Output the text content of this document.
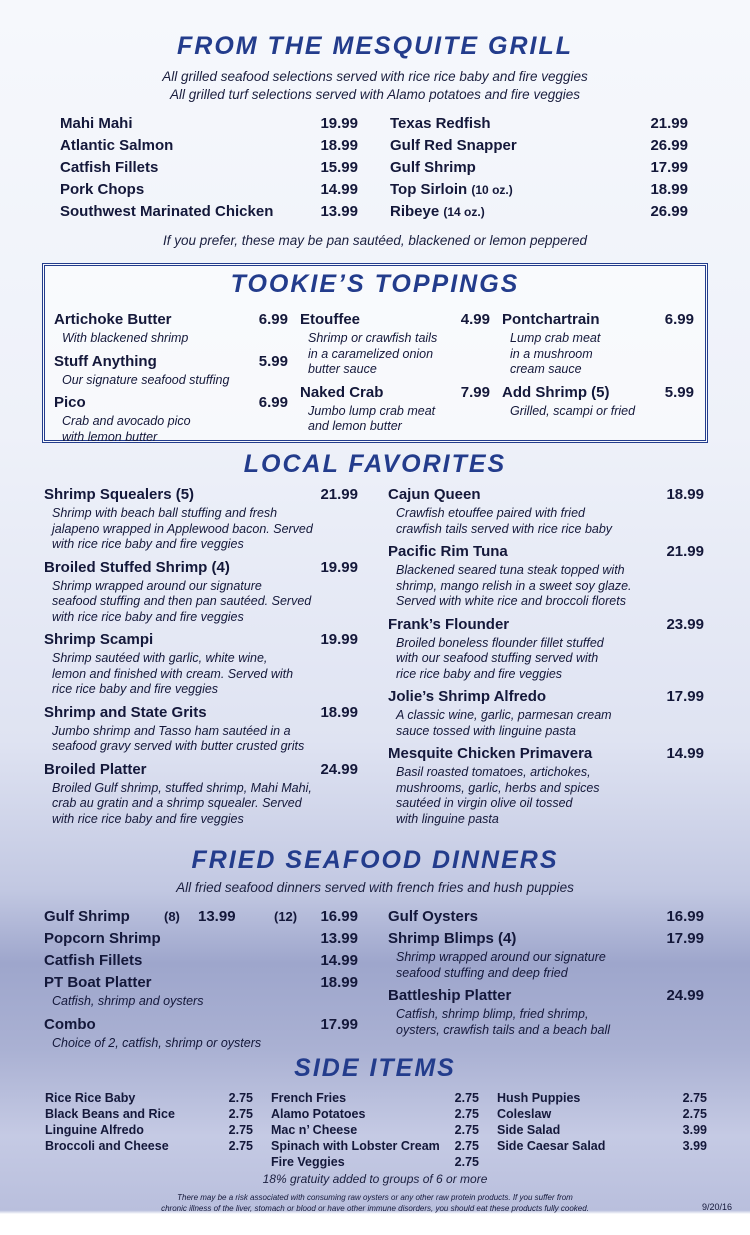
FROM THE MESQUITE GRILL
All grilled seafood selections served with rice rice baby and fire veggies
All grilled turf selections served with Alamo potatoes and fire veggies
Mahi Mahi	19.99
Atlantic Salmon	18.99
Catfish Fillets	15.99
Pork Chops	14.99
Southwest Marinated Chicken	13.99
Texas Redfish	21.99
Gulf Red Snapper	26.99
Gulf Shrimp	17.99
Top Sirloin (10 oz.)	18.99
Ribeye (14 oz.)	26.99
If you prefer, these may be pan sautéed, blackened or lemon peppered
TOOKIE’S TOPPINGS
Artichoke Butter	6.99
With blackened shrimp
Stuff Anything	5.99
Our signature seafood stuffing
Pico	6.99
Crab and avocado pico
with lemon butter
Etouffee	4.99
Shrimp or crawfish tails
in a caramelized onion
butter sauce
Naked Crab	7.99
Jumbo lump crab meat
and lemon butter
Pontchartrain	6.99
Lump crab meat
in a mushroom
cream sauce
Add Shrimp (5)	5.99
Grilled, scampi or fried
LOCAL FAVORITES
Shrimp Squealers (5)	21.99
Shrimp with beach ball stuffing and fresh
jalapeno wrapped in Applewood bacon. Served
with rice rice baby and fire veggies
Broiled Stuffed Shrimp (4)	19.99
Shrimp wrapped around our signature
seafood stuffing and then pan sautéed. Served
with rice rice baby and fire veggies
Shrimp Scampi	19.99
Shrimp sautéed with garlic, white wine,
lemon and finished with cream. Served with
rice rice baby and fire veggies
Shrimp and State Grits	18.99
Jumbo shrimp and Tasso ham sautéed in a
seafood gravy served with butter crusted grits
Broiled Platter	24.99
Broiled Gulf shrimp, stuffed shrimp, Mahi Mahi,
crab au gratin and a shrimp squealer. Served
with rice rice baby and fire veggies
Cajun Queen	18.99
Crawfish etouffee paired with fried
crawfish tails served with rice rice baby
Pacific Rim Tuna	21.99
Blackened seared tuna steak topped with
shrimp, mango relish in a sweet soy glaze.
Served with white rice and broccoli florets
Frank’s Flounder	23.99
Broiled boneless flounder fillet stuffed
with our seafood stuffing served with
rice rice baby and fire veggies
Jolie’s Shrimp Alfredo	17.99
A classic wine, garlic, parmesan cream
sauce tossed with linguine pasta
Mesquite Chicken Primavera	14.99
Basil roasted tomatoes, artichokes,
mushrooms, garlic, herbs and spices
sautéed in virgin olive oil tossed
with linguine pasta
FRIED SEAFOOD DINNERS
All fried seafood dinners served with french fries and hush puppies
Gulf Shrimp	(8)	13.99	(12)	16.99
Popcorn Shrimp	13.99
Catfish Fillets	14.99
PT Boat Platter	18.99
Catfish, shrimp and oysters
Combo	17.99
Choice of 2, catfish, shrimp or oysters
Gulf Oysters	16.99
Shrimp Blimps (4)	17.99
Shrimp wrapped around our signature
seafood stuffing and deep fried
Battleship Platter	24.99
Catfish, shrimp blimp, fried shrimp,
oysters, crawfish tails and a beach ball
SIDE ITEMS
Rice Rice Baby	2.75
Black Beans and Rice	2.75
Linguine Alfredo	2.75
Broccoli and Cheese	2.75
French Fries	2.75
Alamo Potatoes	2.75
Mac n’ Cheese	2.75
Spinach with Lobster Cream 2.75
Fire Veggies	2.75
Hush Puppies	2.75
Coleslaw	2.75
Side Salad	3.99
Side Caesar Salad	3.99
18% gratuity added to groups of 6 or more
There may be a risk associated with consuming raw oysters or any other raw protein products. If you suffer from
chronic illness of the liver, stomach or blood or have other immune disorders, you should eat these products fully cooked.	9/20/16
